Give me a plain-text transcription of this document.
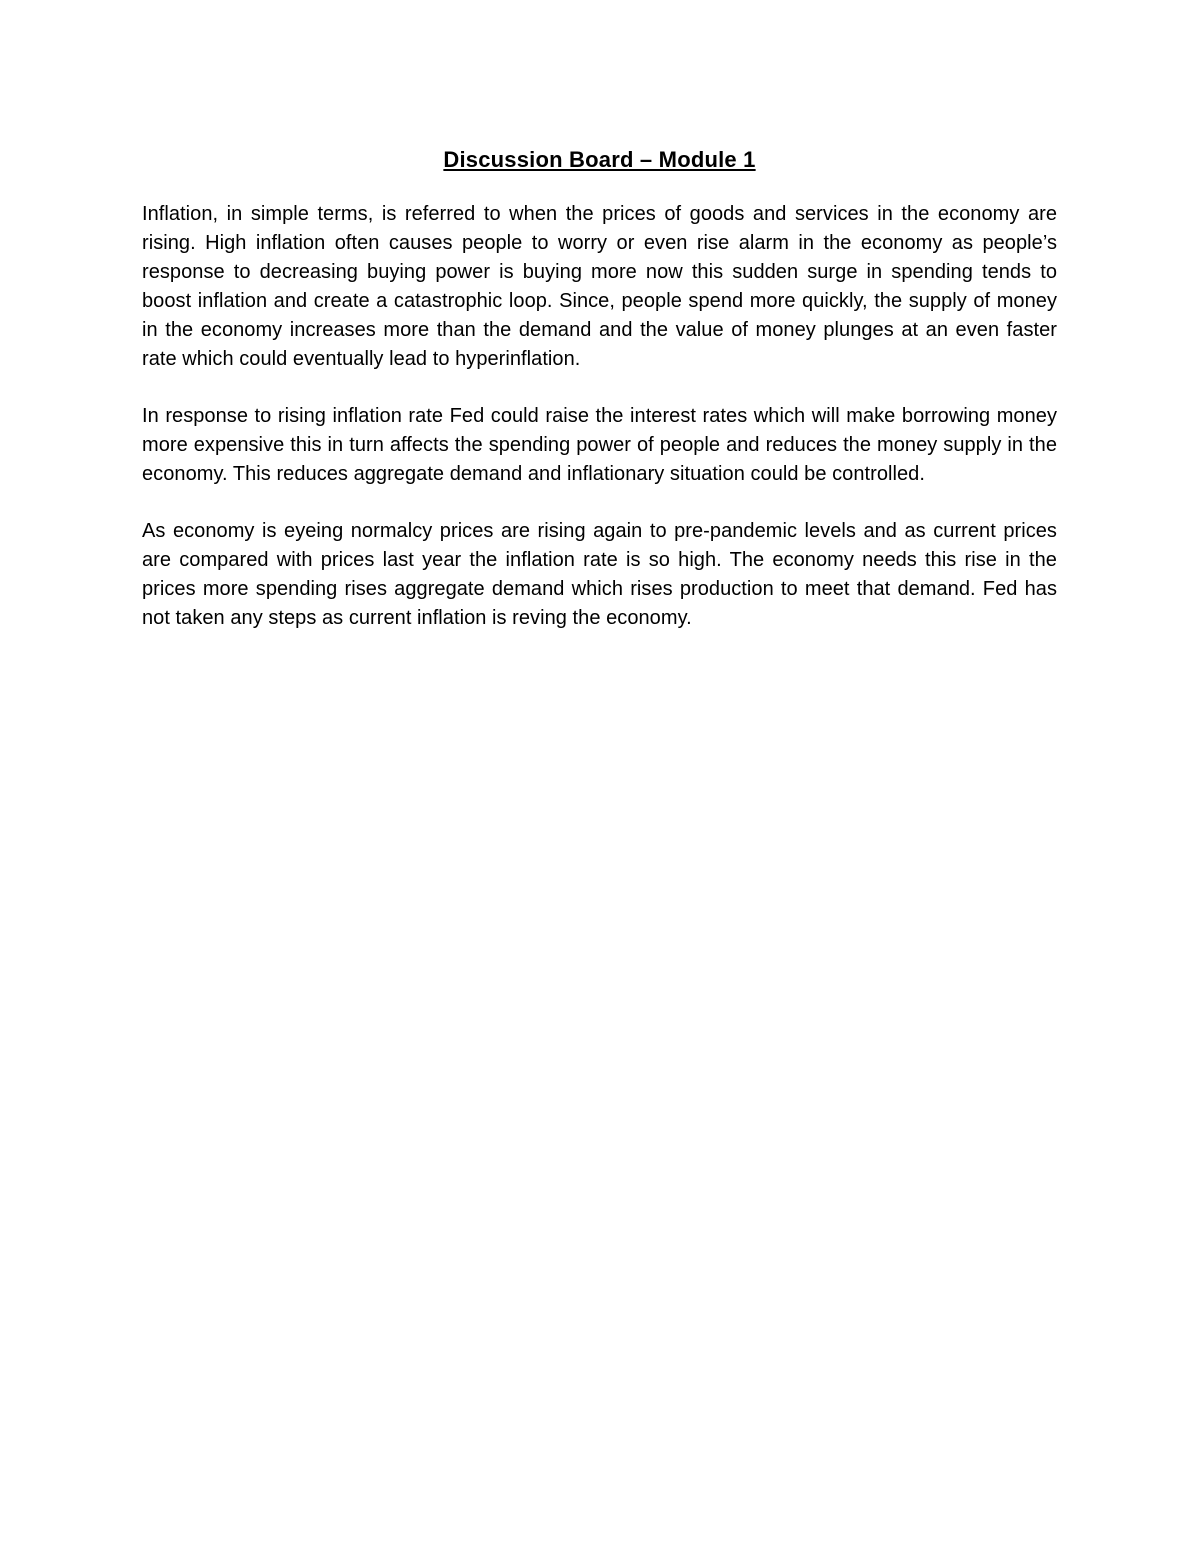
Discussion Board – Module 1

Inflation, in simple terms, is referred to when the prices of goods and services in the economy are rising. High inflation often causes people to worry or even rise alarm in the economy as people’s response to decreasing buying power is buying more now this sudden surge in spending tends to boost inflation and create a catastrophic loop. Since, people spend more quickly, the supply of money in the economy increases more than the demand and the value of money plunges at an even faster rate which could eventually lead to hyperinflation.

In response to rising inflation rate Fed could raise the interest rates which will make borrowing money more expensive this in turn affects the spending power of people and reduces the money supply in the economy. This reduces aggregate demand and inflationary situation could be controlled.

As economy is eyeing normalcy prices are rising again to pre-pandemic levels and as current prices are compared with prices last year the inflation rate is so high. The economy needs this rise in the prices more spending rises aggregate demand which rises production to meet that demand. Fed has not taken any steps as current inflation is reving the economy.
